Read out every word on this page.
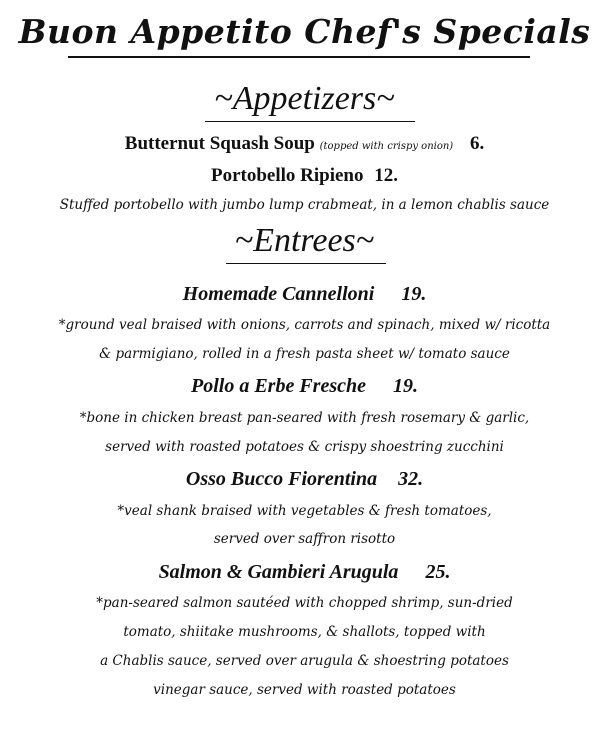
Buon Appetito Chef's Specials
~Appetizers~
Butternut Squash Soup (topped with crispy onion) 6.
Portobello Ripieno 12.
Stuffed portobello with jumbo lump crabmeat, in a lemon chablis sauce
~Entrees~
Homemade Cannelloni 19.
*ground veal braised with onions, carrots and spinach, mixed w/ ricotta
& parmigiano, rolled in a fresh pasta sheet w/ tomato sauce
Pollo a Erbe Fresche 19.
*bone in chicken breast pan-seared with fresh rosemary & garlic,
served with roasted potatoes & crispy shoestring zucchini
Osso Bucco Fiorentina 32.
*veal shank braised with vegetables & fresh tomatoes,
served over saffron risotto
Salmon & Gambieri Arugula 25.
*pan-seared salmon sautéed with chopped shrimp, sun-dried
tomato, shiitake mushrooms, & shallots, topped with
a Chablis sauce, served over arugula & shoestring potatoes
vinegar sauce, served with roasted potatoes
